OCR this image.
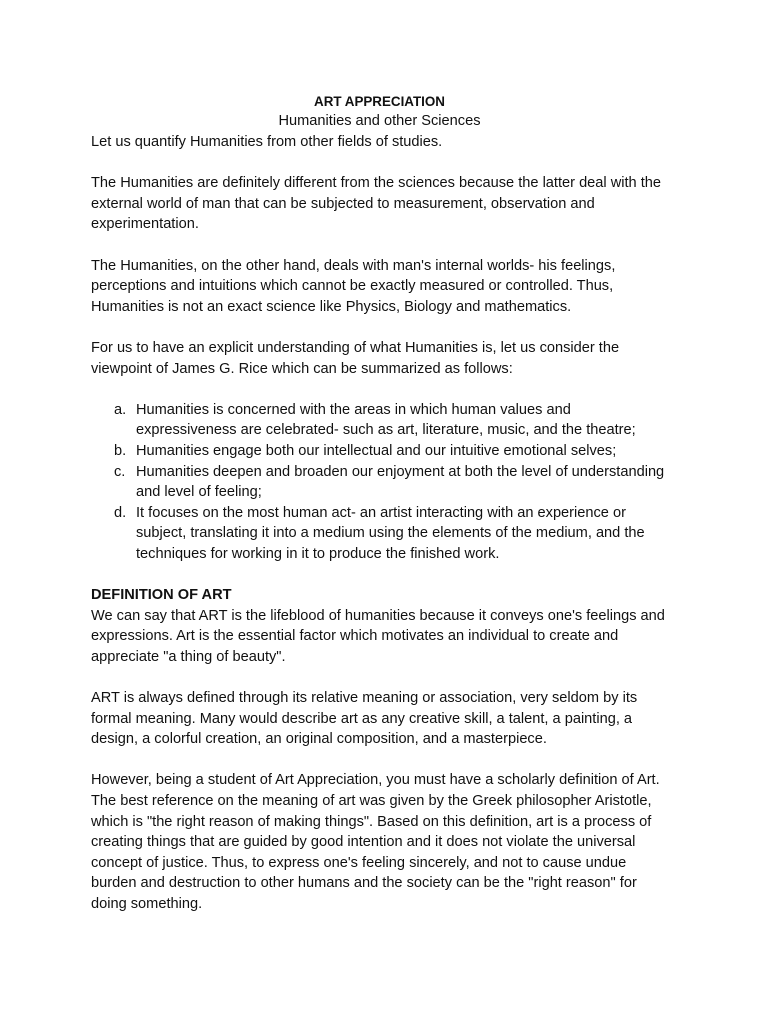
ART APPRECIATION

Humanities and other Sciences

Let us quantify Humanities from other fields of studies.

The Humanities are definitely different from the sciences because the latter deal with the external world of man that can be subjected to measurement, observation and experimentation.

The Humanities, on the other hand, deals with man's internal worlds- his feelings, perceptions and intuitions which cannot be exactly measured or controlled. Thus, Humanities is not an exact science like Physics, Biology and mathematics.

For us to have an explicit understanding of what Humanities is, let us consider the viewpoint of James G. Rice which can be summarized as follows:

a. Humanities is concerned with the areas in which human values and expressiveness are celebrated- such as art, literature, music, and the theatre;
b. Humanities engage both our intellectual and our intuitive emotional selves;
c. Humanities deepen and broaden our enjoyment at both the level of understanding and level of feeling;
d. It focuses on the most human act- an artist interacting with an experience or subject, translating it into a medium using the elements of the medium, and the techniques for working in it to produce the finished work.

DEFINITION OF ART

We can say that ART is the lifeblood of humanities because it conveys one's feelings and expressions. Art is the essential factor which motivates an individual to create and appreciate "a thing of beauty".

ART is always defined through its relative meaning or association, very seldom by its formal meaning. Many would describe art as any creative skill, a talent, a painting, a design, a colorful creation, an original composition, and a masterpiece.

However, being a student of Art Appreciation, you must have a scholarly definition of Art. The best reference on the meaning of art was given by the Greek philosopher Aristotle, which is "the right reason of making things". Based on this definition, art is a process of creating things that are guided by good intention and it does not violate the universal concept of justice. Thus, to express one's feeling sincerely, and not to cause undue burden and destruction to other humans and the society can be the "right reason" for doing something.
